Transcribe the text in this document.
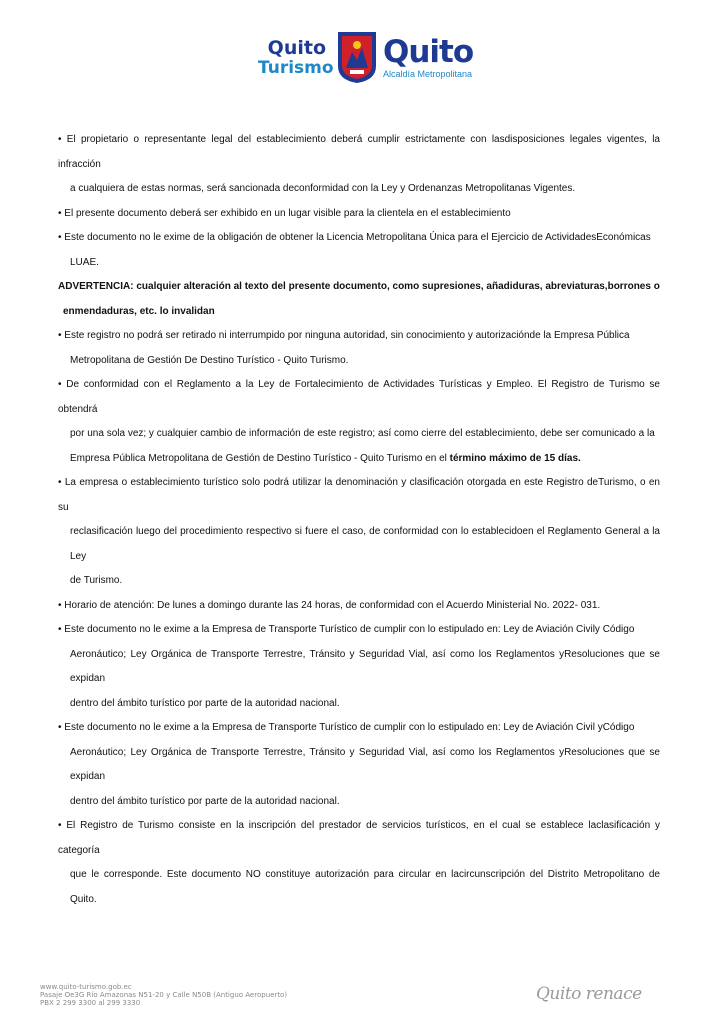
Quito
Turismo Quito
Alcaldía Metropolitana

• El propietario o representante legal del establecimiento deberá cumplir estrictamente con lasdisposiciones legales vigentes, la infracción
a cualquiera de estas normas, será sancionada deconformidad con la Ley y Ordenanzas Metropolitanas Vigentes.

• El presente documento deberá ser exhibido en un lugar visible para la clientela en el establecimiento

• Este documento no le exime de la obligación de obtener la Licencia Metropolitana Única para el Ejercicio de ActividadesEconómicas
LUAE.

ADVERTENCIA: cualquier alteración al texto del presente documento, como supresiones, añadiduras, abreviaturas,borrones o
enmendaduras, etc. lo invalidan

• Este registro no podrá ser retirado ni interrumpido por ninguna autoridad, sin conocimiento y autorizaciónde la Empresa Pública
Metropolitana de Gestión De Destino Turístico - Quito Turismo.

• De conformidad con el Reglamento a la Ley de Fortalecimiento de Actividades Turísticas y Empleo. El Registro de Turismo se obtendrá
por una sola vez; y cualquier cambio de información de este registro; así como cierre del establecimiento, debe ser comunicado a la
Empresa Pública Metropolitana de Gestión de Destino Turístico - Quito Turismo en el término máximo de 15 días.

• La empresa o establecimiento turístico solo podrá utilizar la denominación y clasificación otorgada en este Registro deTurismo, o en su
reclasificación luego del procedimiento respectivo si fuere el caso, de conformidad con lo establecidoen el Reglamento General a la Ley
de Turismo.

• Horario de atención: De lunes a domingo durante las 24 horas, de conformidad con el Acuerdo Ministerial No. 2022- 031.

• Este documento no le exime a la Empresa de Transporte Turístico de cumplir con lo estipulado en: Ley de Aviación Civily Código
Aeronáutico; Ley Orgánica de Transporte Terrestre, Tránsito y Seguridad Vial, así como los Reglamentos yResoluciones que se expidan
dentro del ámbito turístico por parte de la autoridad nacional.

• Este documento no le exime a la Empresa de Transporte Turístico de cumplir con lo estipulado en: Ley de Aviación Civil yCódigo
Aeronáutico; Ley Orgánica de Transporte Terrestre, Tránsito y Seguridad Vial, así como los Reglamentos yResoluciones que se expidan
dentro del ámbito turístico por parte de la autoridad nacional.

• El Registro de Turismo consiste en la inscripción del prestador de servicios turísticos, en el cual se establece laclasificación y categoría
que le corresponde. Este documento NO constituye autorización para circular en lacircunscripción del Distrito Metropolitano de Quito.

www.quito-turismo.gob.ec
Pasaje Oe3G Río Amazonas N51-20 y Calle N50B (Antiguo Aeropuerto)
PBX 2 299 3300 al 299 3330	Quito renace
